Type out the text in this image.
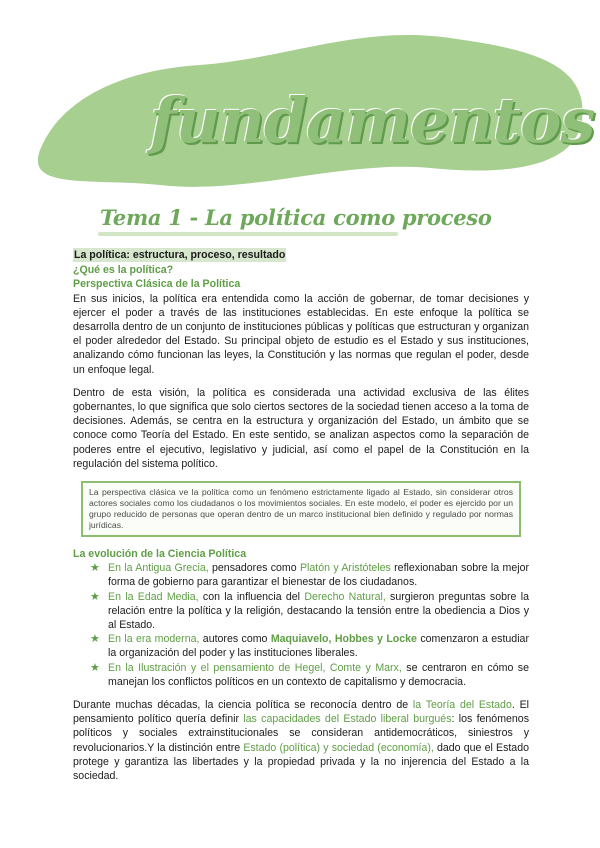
fundamentos
Tema 1 - La política como proceso
La política: estructura, proceso, resultado
¿Qué es la política?
Perspectiva Clásica de la Política

En sus inicios, la política era entendida como la acción de gobernar, de tomar decisiones y ejercer el poder a través de las instituciones establecidas. En este enfoque la política se desarrolla dentro de un conjunto de instituciones públicas y políticas que estructuran y organizan el poder alrededor del Estado. Su principal objeto de estudio es el Estado y sus instituciones, analizando cómo funcionan las leyes, la Constitución y las normas que regulan el poder, desde un enfoque legal.

Dentro de esta visión, la política es considerada una actividad exclusiva de las élites gobernantes, lo que significa que solo ciertos sectores de la sociedad tienen acceso a la toma de decisiones. Además, se centra en la estructura y organización del Estado, un ámbito que se conoce como Teoría del Estado. En este sentido, se analizan aspectos como la separación de poderes entre el ejecutivo, legislativo y judicial, así como el papel de la Constitución en la regulación del sistema político.

La perspectiva clásica ve la política como un fenómeno estrictamente ligado al Estado, sin considerar otros actores sociales como los ciudadanos o los movimientos sociales. En este modelo, el poder es ejercido por un grupo reducido de personas que operan dentro de un marco institucional bien definido y regulado por normas jurídicas.
La evolución de la Ciencia Política
★ En la Antigua Grecia, pensadores como Platón y Aristóteles reflexionaban sobre la mejor forma de gobierno para garantizar el bienestar de los ciudadanos.
★ En la Edad Media, con la influencia del Derecho Natural, surgieron preguntas sobre la relación entre la política y la religión, destacando la tensión entre la obediencia a Dios y al Estado.
★ En la era moderna, autores como Maquiavelo, Hobbes y Locke comenzaron a estudiar la organización del poder y las instituciones liberales.
★ En la Ilustración y el pensamiento de Hegel, Comte y Marx, se centraron en cómo se manejan los conflictos políticos en un contexto de capitalismo y democracia.

Durante muchas décadas, la ciencia política se reconocía dentro de la Teoría del Estado. El pensamiento político quería definir las capacidades del Estado liberal burgués: los fenómenos políticos y sociales extrainstitucionales se consideran antidemocráticos, siniestros y revolucionarios.Y la distinción entre Estado (política) y sociedad (economía), dado que el Estado protege y garantiza las libertades y la propiedad privada y la no injerencia del Estado a la sociedad.
